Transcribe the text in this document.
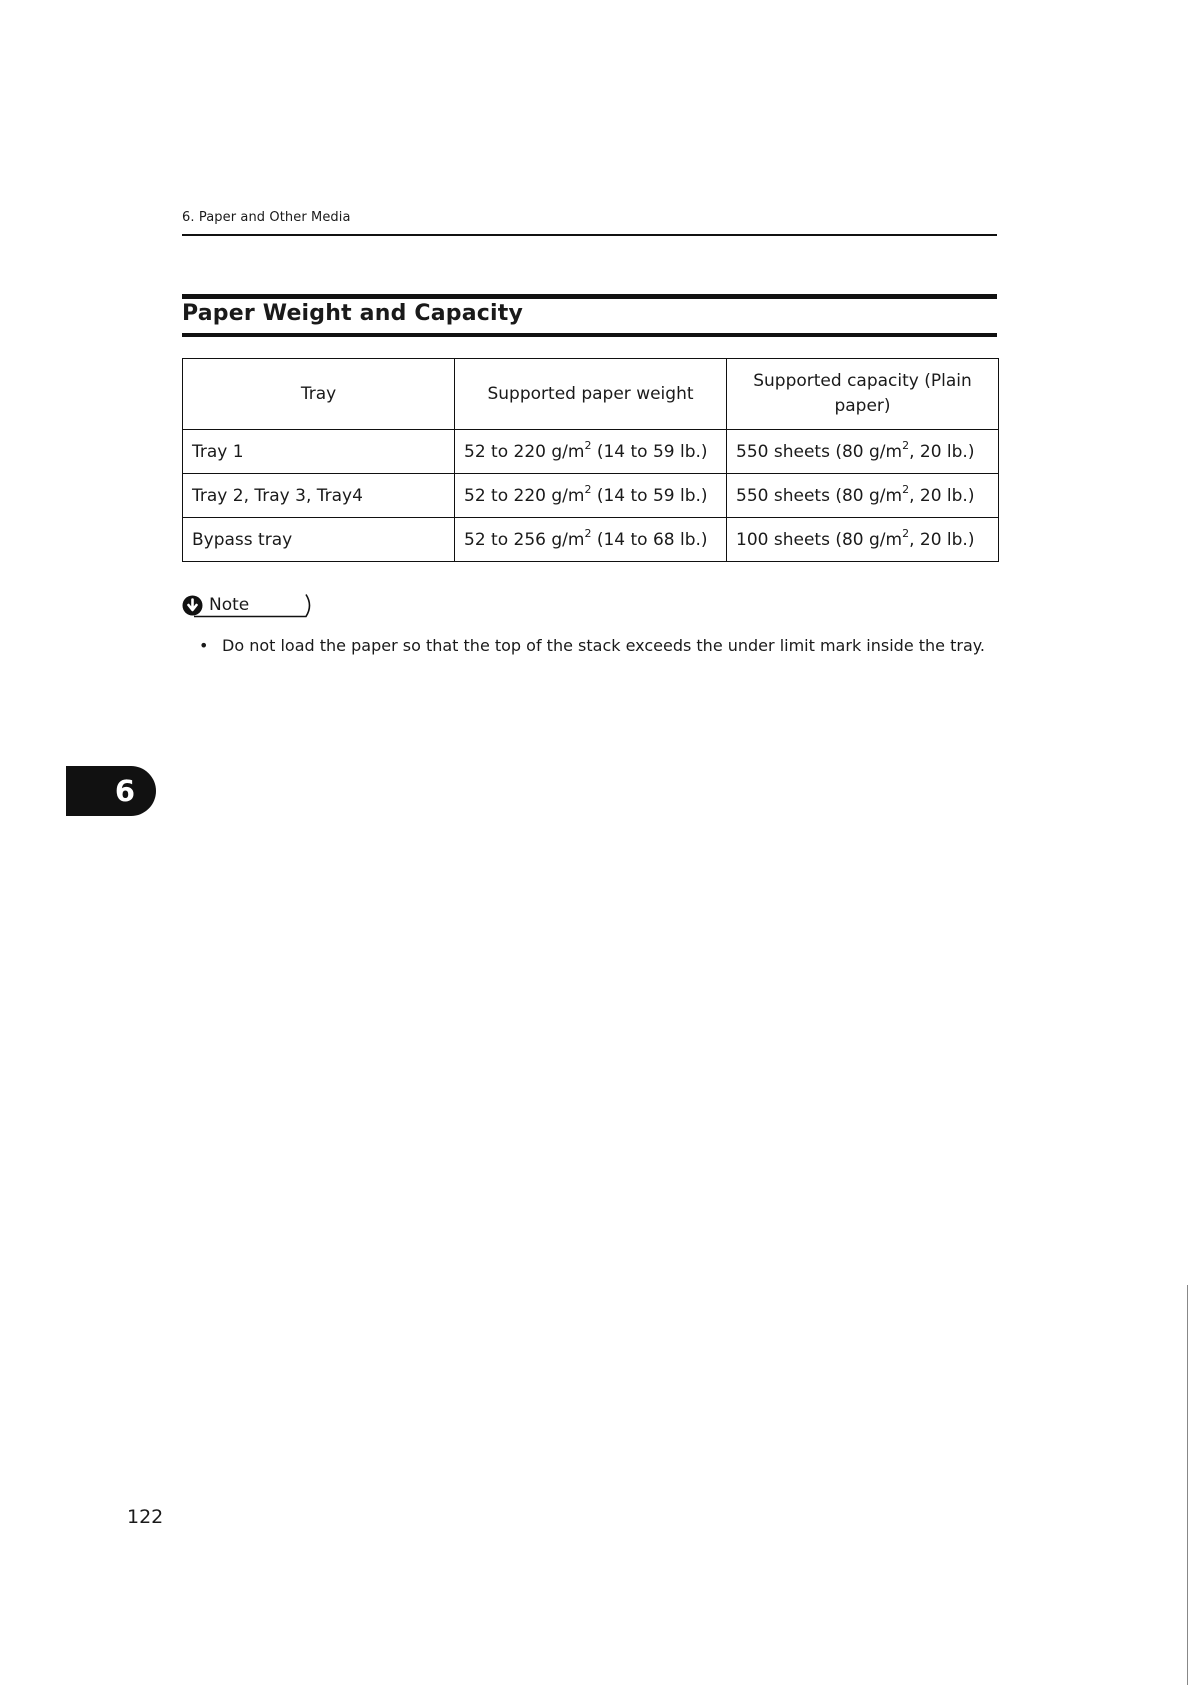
6. Paper and Other Media
Paper Weight and Capacity
Tray	Supported paper weight	Supported capacity (Plain paper)
Tray 1	52 to 220 $g/m^2$ (14 to 59 lb.)	550 sheets (80 $g/m^2$, 20 lb.)
Tray 2, Tray 3, Tray4	52 to 220 $g/m^2$ (14 to 59 lb.)	550 sheets (80 $g/m^2$, 20 lb.)
Bypass tray	52 to 256 $g/m^2$ (14 to 68 lb.)	100 sheets (80 $g/m^2$, 20 lb.)
Note
• Do not load the paper so that the top of the stack exceeds the under limit mark inside the tray.
6
122
